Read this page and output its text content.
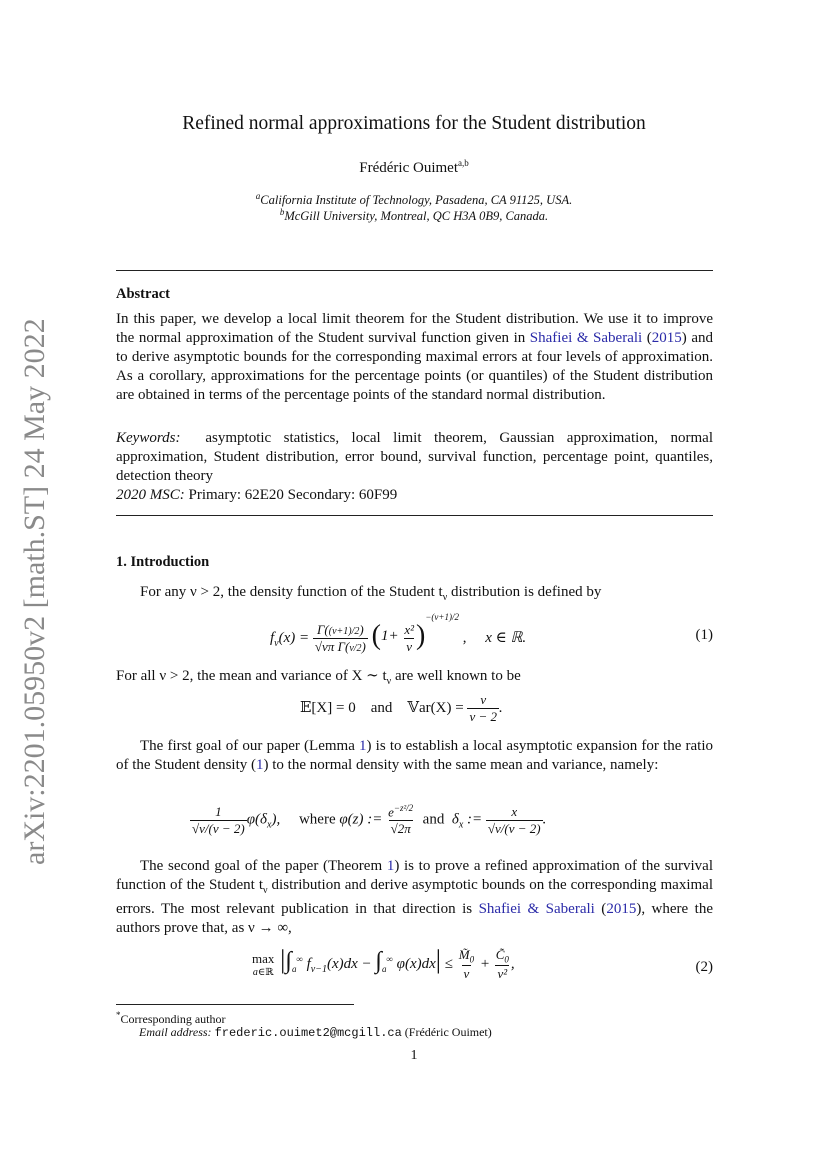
arXiv:2201.05950v2 [math.ST] 24 May 2022
Refined normal approximations for the Student distribution
Frédéric Ouimet$^{a,b}$
$^a$California Institute of Technology, Pasadena, CA 91125, USA.
$^b$McGill University, Montreal, QC H3A 0B9, Canada.
Abstract
In this paper, we develop a local limit theorem for the Student distribution. We use it to improve the normal approximation of the Student survival function given in Shafiei & Saberali (2015) and to derive asymptotic bounds for the corresponding maximal errors at four levels of approximation. As a corollary, approximations for the percentage points (or quantiles) of the Student distribution are obtained in terms of the percentage points of the standard normal distribution.
Keywords: asymptotic statistics, local limit theorem, Gaussian approximation, normal approximation, Student distribution, error bound, survival function, percentage point, quantiles, detection theory
2020 MSC: Primary: 62E20 Secondary: 60F99
1. Introduction
For any ν > 2, the density function of the Student $t_\nu$ distribution is defined by
$f_\nu(x) = \frac{\Gamma((\nu+1)/2)}{\text{√νπ Γ(ν/2)}} (1+ \frac{\text{x²}}{\nu} )^{-(\nu+1)/2}$ ,     x ∈ ℝ.	(1)
For all ν > 2, the mean and variance of X ∼ $t_\nu$ are well known to be
𝔼[X] = 0 and 𝕍ar(X) = $\frac{\nu}{\nu - 2}$ .
The first goal of our paper (Lemma 1) is to establish a local asymptotic expansion for the ratio of the Student density (1) to the normal density with the same mean and variance, namely:
$\frac{1}{√\nu/(\nu - 2)} \varphi(\delta_x)$,     where φ(z) := $\frac{e^{-z^2/2}}{√2\pi}$ and  $\delta_x$ := $\frac{x}{√\nu/(\nu - 2)}$ .
The second goal of the paper (Theorem 1) is to prove a refined approximation of the survival function of the Student $t_\nu$ distribution and derive asymptotic bounds on the corresponding maximal errors. The most relevant publication in that direction is Shafiei & Saberali (2015), where the authors prove that, as ν → ∞,
max
a∈ℝ $|\int_a^\infty$ $f_{\nu-1}(x)dx - \int_a^\infty$ $\varphi(x)dx| \le \frac{M̃_0}{\nu} + \frac{C̃_0}{\text{ν²}}$ ,	(2)
*Corresponding author
Email address: frederic.ouimet2@mcgill.ca (Frédéric Ouimet)
1
